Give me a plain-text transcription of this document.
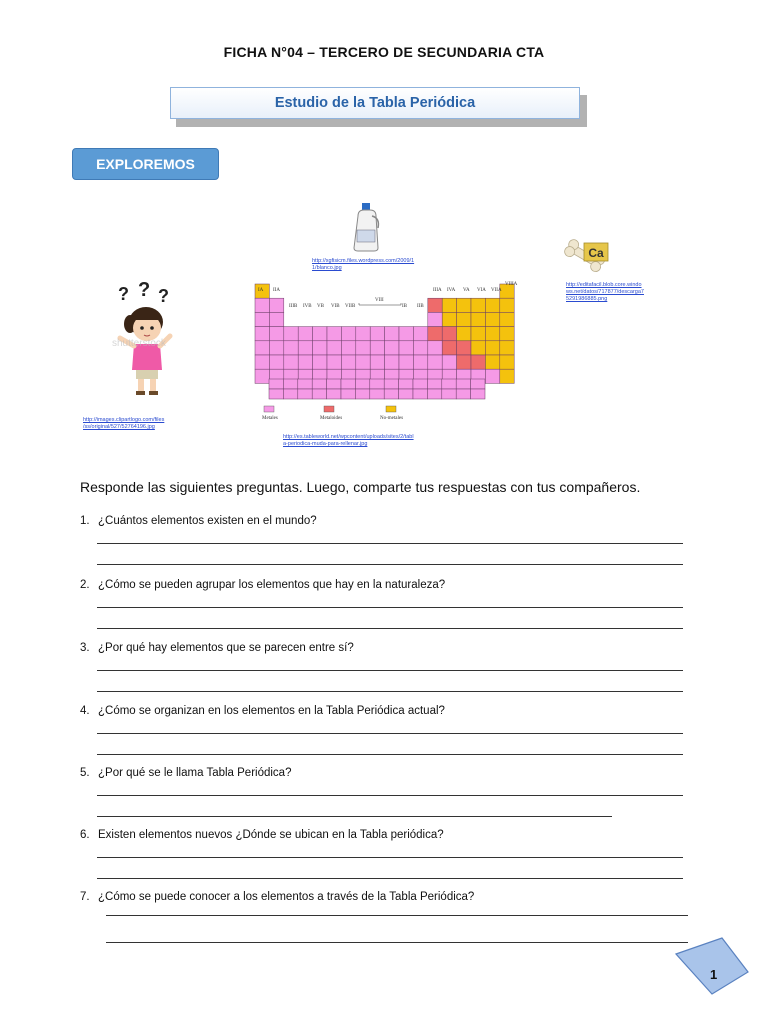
FICHA N°04 – TERCERO DE SECUNDARIA CTA
Estudio de la Tabla Periódica
EXPLOREMOS
http://xgfisicm.files.wordpress.com/2009/1
1/blanco.jpg
Ca
http://editafacil.blob.core.windo
ws.net/datos/717877/descarga7
5291986885.png
? ? ?
shutterstock
http://images.clipartlogo.com/files
/ss/original/527/52764196.jpg
IA IIA
IIIB IVB VB VIB VIIB
VIII
IB IIB
IIIA IVA VA VIA VIIA
VIIIA
Metales	Metaloides	No-metales
http://es.tableworld.net/wpcontent/uploads/sites/2/tabl
a-periodica-muda-para-rellenar.jpg
Responde las siguientes preguntas. Luego, comparte tus respuestas con tus compañeros.
1. ¿Cuántos elementos existen en el mundo?
2. ¿Cómo se pueden agrupar los elementos que hay en la naturaleza?
3. ¿Por qué hay elementos que se parecen entre sí?
4. ¿Cómo se organizan en los elementos en la Tabla Periódica actual?
5. ¿Por qué se le llama Tabla Periódica?
6. Existen elementos nuevos ¿Dónde se ubican en la Tabla periódica?
7. ¿Cómo se puede conocer a los elementos a través de la Tabla Periódica?
1
